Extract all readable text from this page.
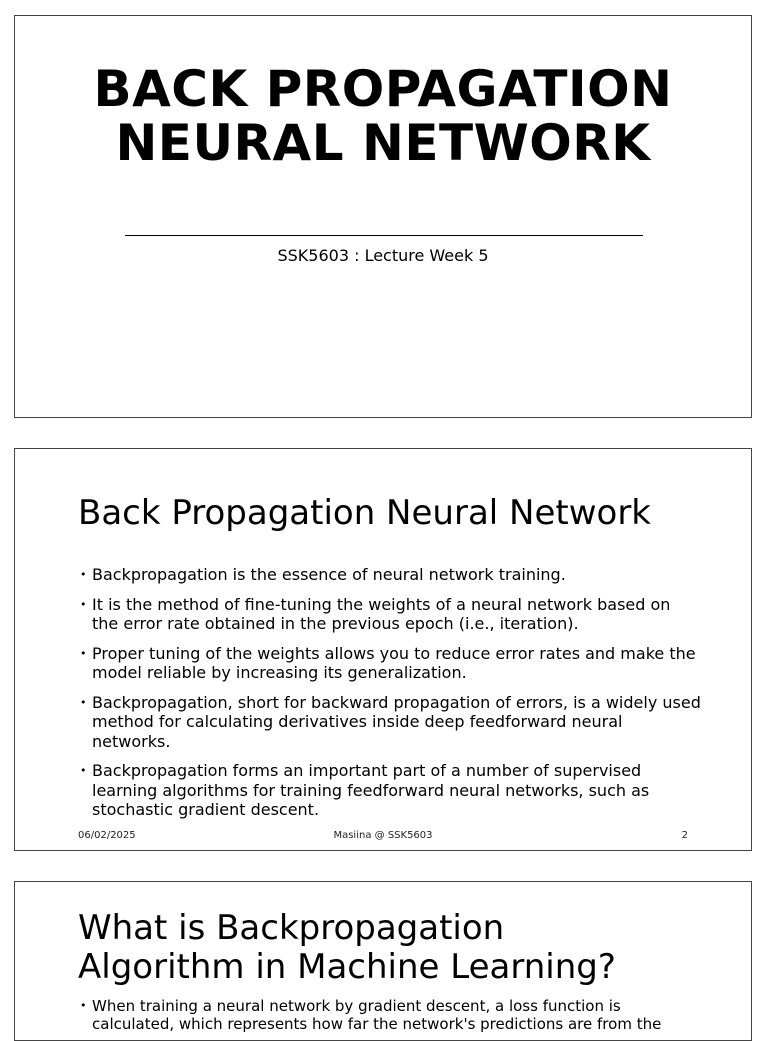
BACK PROPAGATION
NEURAL NETWORK
SSK5603 : Lecture Week 5
Back Propagation Neural Network
• Backpropagation is the essence of neural network training.
• It is the method of fine-tuning the weights of a neural network based on the error rate obtained in the previous epoch (i.e., iteration).
• Proper tuning of the weights allows you to reduce error rates and make the model reliable by increasing its generalization.
• Backpropagation, short for backward propagation of errors, is a widely used method for calculating derivatives inside deep feedforward neural networks.
• Backpropagation forms an important part of a number of supervised learning algorithms for training feedforward neural networks, such as stochastic gradient descent.
06/02/2025	Masiina @ SSK5603	2
What is Backpropagation
Algorithm in Machine Learning?
• When training a neural network by gradient descent, a loss function is calculated, which represents how far the network's predictions are from the
